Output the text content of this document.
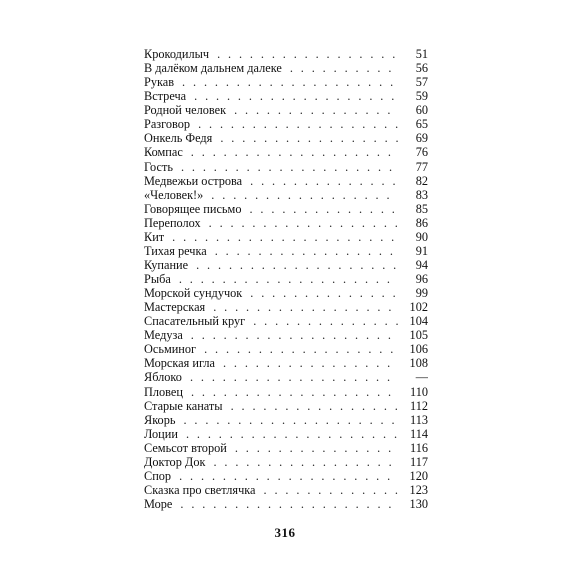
Крокодилыч . . .	51
В далёком дальнем далеке . . .	56
Рукав . . .	57
Встреча . . .	59
Родной человек . . .	60
Разговор . . .	65
Онкель Федя . . .	69
Компас . . .	76
Гость . . .	77
Медвежьи острова . . .	82
«Человек!» . . .	83
Говорящее письмо . . .	85
Переполох . . .	86
Кит . . .	90
Тихая речка . . .	91
Купание . . .	94
Рыба . . .	96
Морской сундучок . . .	99
Мастерская . . .	102
Спасательный круг . . .	104
Медуза . . .	105
Осьминог . . .	106
Морская игла . . .	108
Яблоко . . .	—
Пловец . . .	110
Старые канаты . . .	112
Якорь . . .	113
Лоции . . .	114
Семьсот второй . . .	116
Доктор Док . . .	117
Спор . . .	120
Сказка про светлячка . . .	123
Море . . .	130
316
